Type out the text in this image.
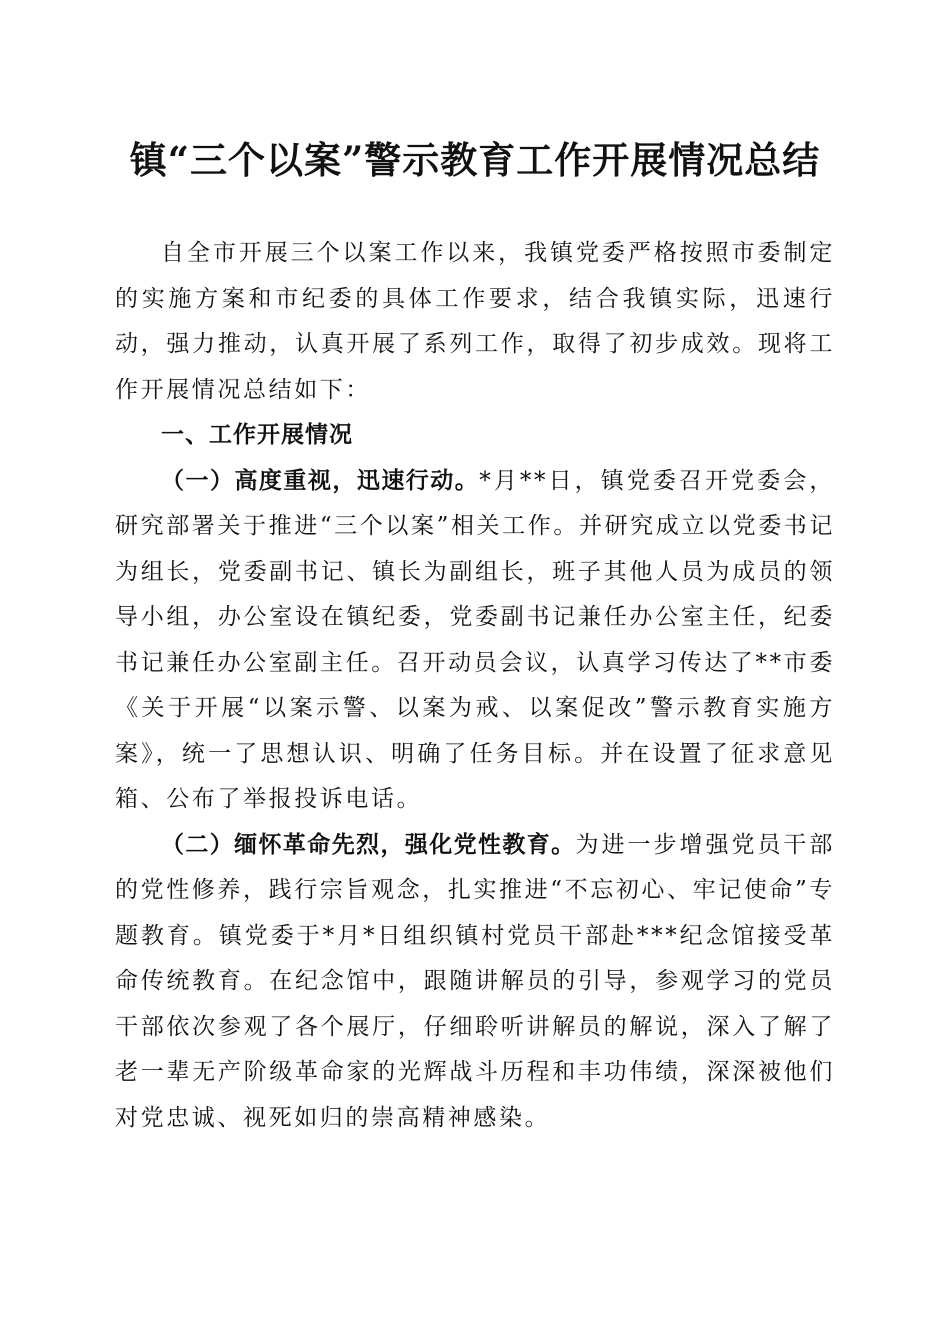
镇“三个以案”警示教育工作开展情况总结

自全市开展三个以案工作以来，我镇党委严格按照市委制定的实施方案和市纪委的具体工作要求，结合我镇实际，迅速行动，强力推动，认真开展了系列工作，取得了初步成效。现将工作开展情况总结如下：

一、工作开展情况

（一）高度重视，迅速行动。*月**日，镇党委召开党委会，研究部署关于推进“三个以案”相关工作。并研究成立以党委书记为组长，党委副书记、镇长为副组长，班子其他人员为成员的领导小组，办公室设在镇纪委，党委副书记兼任办公室主任，纪委书记兼任办公室副主任。召开动员会议，认真学习传达了**市委《关于开展“以案示警、以案为戒、以案促改”警示教育实施方案》，统一了思想认识、明确了任务目标。并在设置了征求意见箱、公布了举报投诉电话。

（二）缅怀革命先烈，强化党性教育。为进一步增强党员干部的党性修养，践行宗旨观念，扎实推进“不忘初心、牢记使命”专题教育。镇党委于*月*日组织镇村党员干部赴***纪念馆接受革命传统教育。在纪念馆中，跟随讲解员的引导，参观学习的党员干部依次参观了各个展厅，仔细聆听讲解员的解说，深入了解了老一辈无产阶级革命家的光辉战斗历程和丰功伟绩，深深被他们对党忠诚、视死如归的崇高精神感染。
